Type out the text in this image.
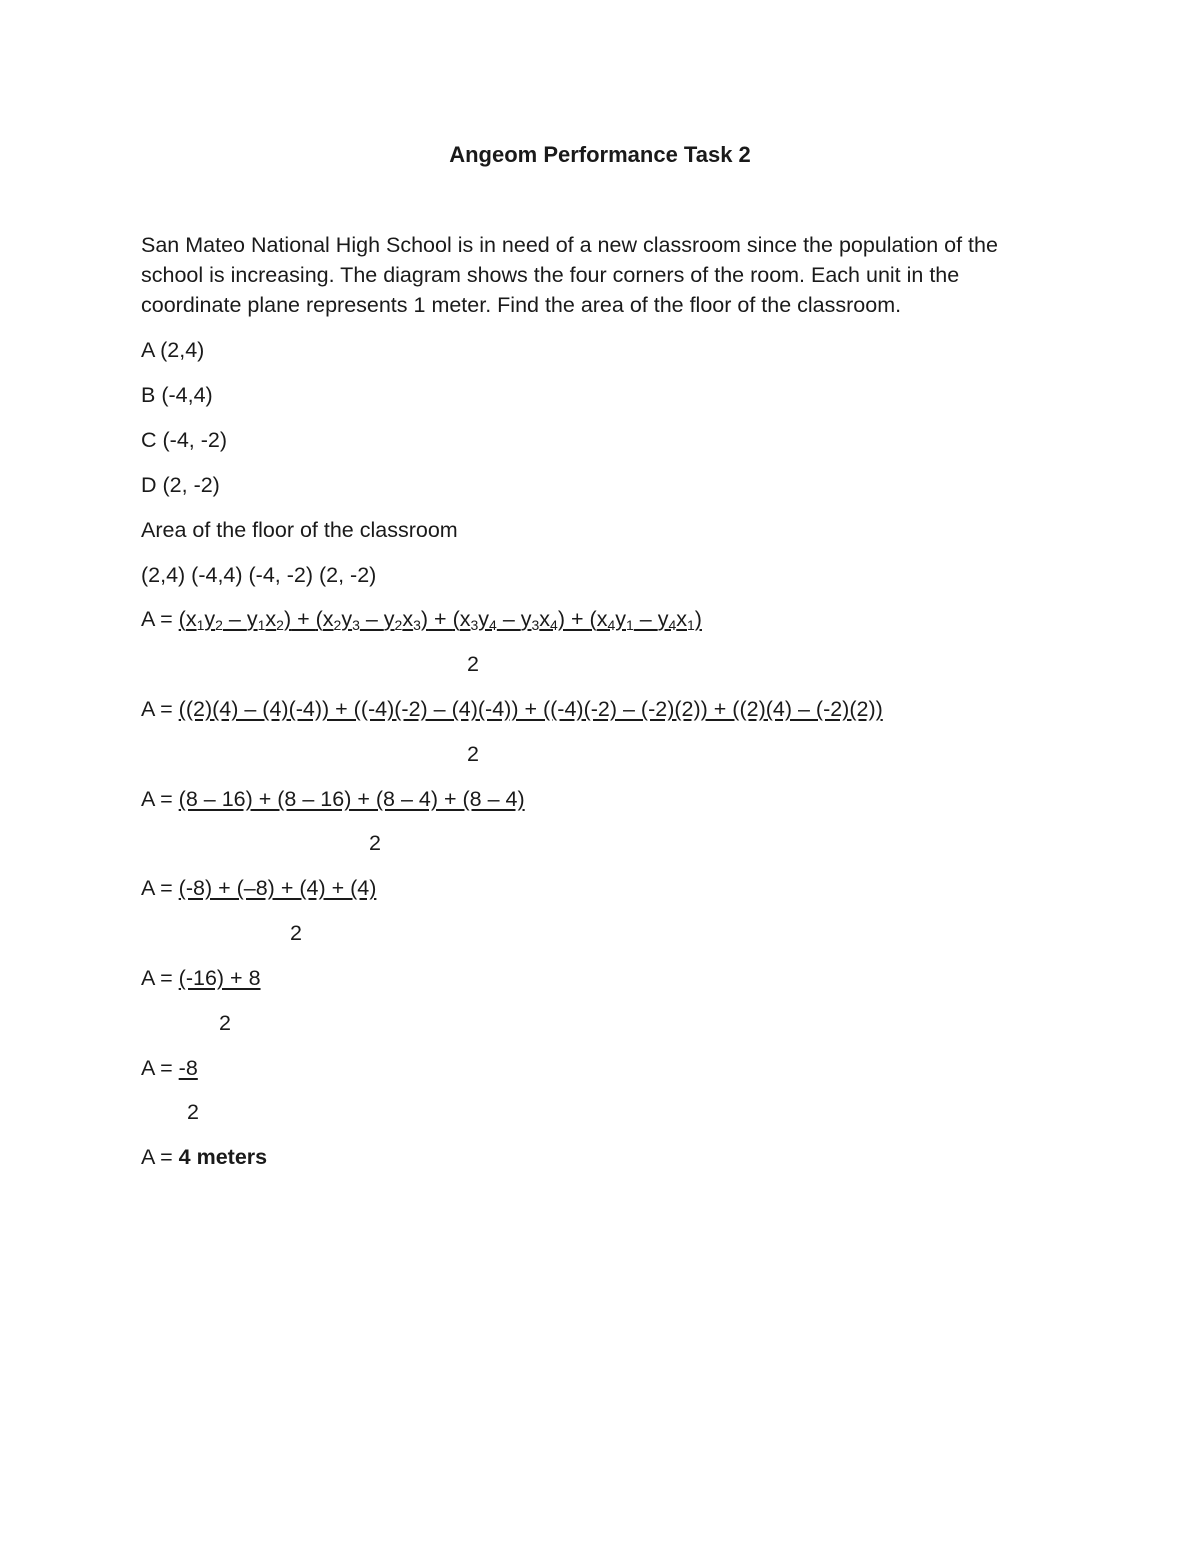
Angeom Performance Task 2
San Mateo National High School is in need of a new classroom since the population of the school is increasing. The diagram shows the four corners of the room. Each unit in the coordinate plane represents 1 meter. Find the area of the floor of the classroom.
A (2,4)
B (-4,4)
C (-4, -2)
D (2, -2)
Area of the floor of the classroom
(2,4) (-4,4) (-4, -2) (2, -2)
$A = (x_1y_2 - y_1x_2) + (x_2y_3 - y_2x_3) + (x_3y_4 - y_3x_4) + (x_4y_1 - y_4x_1)$
2
A = ((2)(4) – (4)(-4)) + ((-4)(-2) – (4)(-4)) + ((-4)(-2) – (-2)(2)) + ((2)(4) – (-2)(2))
2
A = (8 – 16) + (8 – 16) + (8 – 4) + (8 – 4)
2
A = (-8) + (–8) + (4) + (4)
2
A = (-16) + 8
2
A = -8
2
A = 4 meters
